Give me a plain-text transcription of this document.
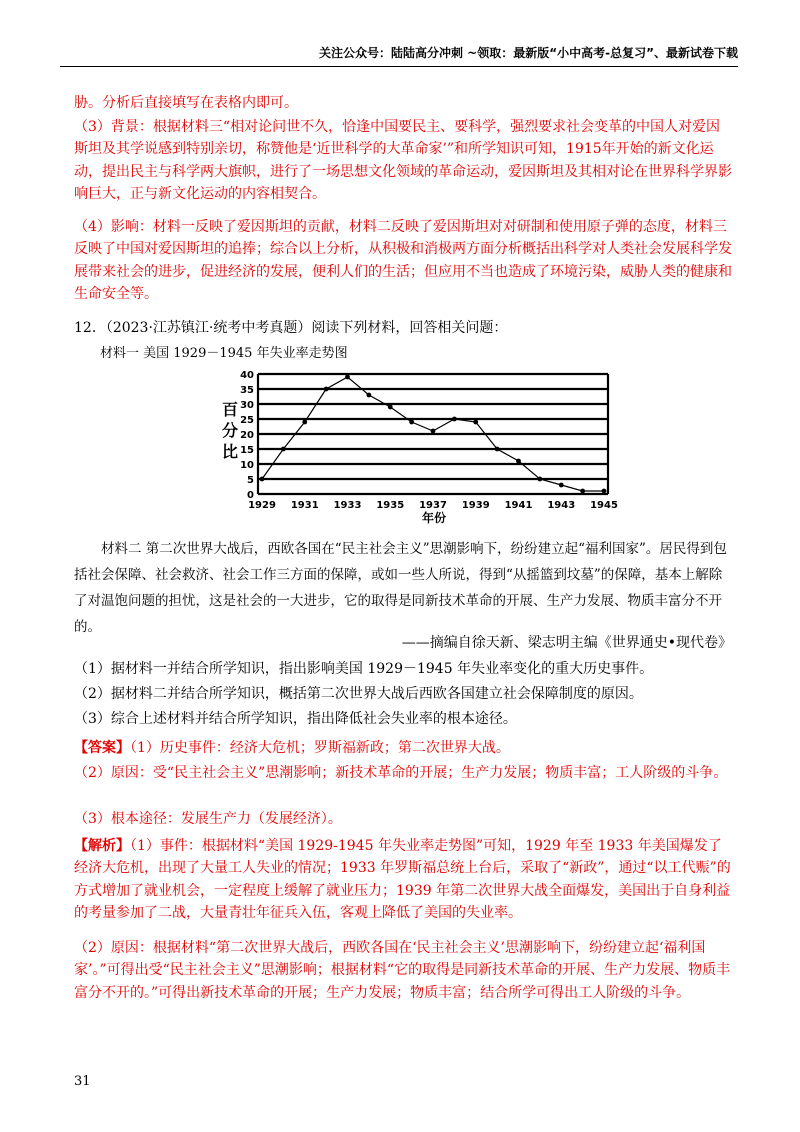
关注公众号：陆陆高分冲刺 ~领取：最新版“小中高考-总复习”、最新试卷下载
胁。分析后直接填写在表格内即可。
（3）背景：根据材料三“相对论问世不久，恰逢中国要民主、要科学，强烈要求社会变革的中国人对爱因斯坦及其学说感到特别亲切，称赞他是‘近世科学的大革命家’”和所学知识可知，1915年开始的新文化运动，提出民主与科学两大旗帜，进行了一场思想文化领域的革命运动，爱因斯坦及其相对论在世界科学界影响巨大，正与新文化运动的内容相契合。
（4）影响：材料一反映了爱因斯坦的贡献，材料二反映了爱因斯坦对对研制和使用原子弹的态度，材料三反映了中国对爱因斯坦的追捧；综合以上分析，从积极和消极两方面分析概括出科学对人类社会发展科学发展带来社会的进步，促进经济的发展，便利人们的生活；但应用不当也造成了环境污染，威胁人类的健康和生命安全等。
12．（2023·江苏镇江·统考中考真题）阅读下列材料，回答相关问题：
材料一 美国 1929－1945 年失业率走势图
0
5
10
15
20
25
30
35
40
1929 1931 1933 1935 1937 1939 1941 1943 1945
百 分 比
年份
材料二 第二次世界大战后，西欧各国在“民主社会主义”思潮影响下，纷纷建立起“福利国家”。居民得到包括社会保障、社会救济、社会工作三方面的保障，或如一些人所说，得到“从摇篮到坟墓”的保障，基本上解除了对温饱问题的担忧，这是社会的一大进步，它的取得是同新技术革命的开展、生产力发展、物质丰富分不开的。
——摘编自徐天新、梁志明主编《世界通史•现代卷》
（1）据材料一并结合所学知识，指出影响美国 1929－1945 年失业率变化的重大历史事件。
（2）据材料二并结合所学知识，概括第二次世界大战后西欧各国建立社会保障制度的原因。
（3）综合上述材料并结合所学知识，指出降低社会失业率的根本途径。
【答案】（1）历史事件：经济大危机；罗斯福新政；第二次世界大战。
（2）原因：受“民主社会主义”思潮影响；新技术革命的开展；生产力发展；物质丰富；工人阶级的斗争。
（3）根本途径：发展生产力（发展经济）。
【解析】（1）事件：根据材料“美国 1929-1945 年失业率走势图”可知，1929 年至 1933 年美国爆发了经济大危机，出现了大量工人失业的情况；1933 年罗斯福总统上台后，采取了“新政”，通过“以工代赈”的方式增加了就业机会，一定程度上缓解了就业压力；1939 年第二次世界大战全面爆发，美国出于自身利益的考量参加了二战，大量青壮年征兵入伍，客观上降低了美国的失业率。
（2）原因：根据材料“第二次世界大战后，西欧各国在‘民主社会主义’思潮影响下，纷纷建立起‘福利国家’。”可得出受“民主社会主义”思潮影响；根据材料“它的取得是同新技术革命的开展、生产力发展、物质丰富分不开的。”可得出新技术革命的开展；生产力发展；物质丰富；结合所学可得出工人阶级的斗争。
31
